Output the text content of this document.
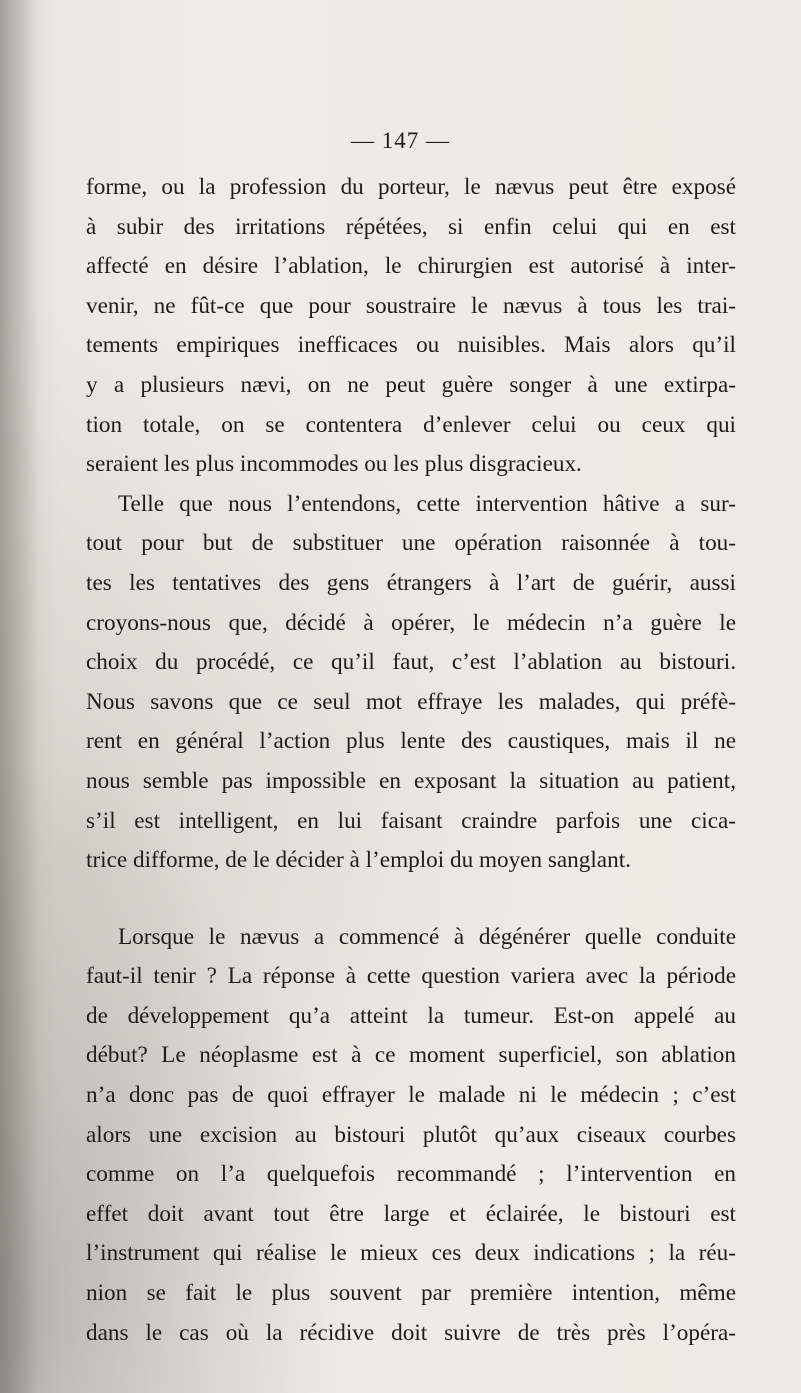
— 147 —
forme, ou la profession du porteur, le nævus peut être exposé
à subir des irritations répétées, si enfin celui qui en est
affecté en désire l’ablation, le chirurgien est autorisé à inter-
venir, ne fût-ce que pour soustraire le nævus à tous les trai-
tements empiriques inefficaces ou nuisibles. Mais alors qu’il
y a plusieurs nævi, on ne peut guère songer à une extirpa-
tion totale, on se contentera d’enlever celui ou ceux qui
seraient les plus incommodes ou les plus disgracieux.
Telle que nous l’entendons, cette intervention hâtive a sur-
tout pour but de substituer une opération raisonnée à tou-
tes les tentatives des gens étrangers à l’art de guérir, aussi
croyons-nous que, décidé à opérer, le médecin n’a guère le
choix du procédé, ce qu’il faut, c’est l’ablation au bistouri.
Nous savons que ce seul mot effraye les malades, qui préfè-
rent en général l’action plus lente des caustiques, mais il ne
nous semble pas impossible en exposant la situation au patient,
s’il est intelligent, en lui faisant craindre parfois une cica-
trice difforme, de le décider à l’emploi du moyen sanglant.
Lorsque le nævus a commencé à dégénérer quelle conduite
faut-il tenir ? La réponse à cette question variera avec la période
de développement qu’a atteint la tumeur. Est-on appelé au
début? Le néoplasme est à ce moment superficiel, son ablation
n’a donc pas de quoi effrayer le malade ni le médecin ; c’est
alors une excision au bistouri plutôt qu’aux ciseaux courbes
comme on l’a quelquefois recommandé ; l’intervention en
effet doit avant tout être large et éclairée, le bistouri est
l’instrument qui réalise le mieux ces deux indications ; la réu-
nion se fait le plus souvent par première intention, même
dans le cas où la récidive doit suivre de très près l’opéra-
